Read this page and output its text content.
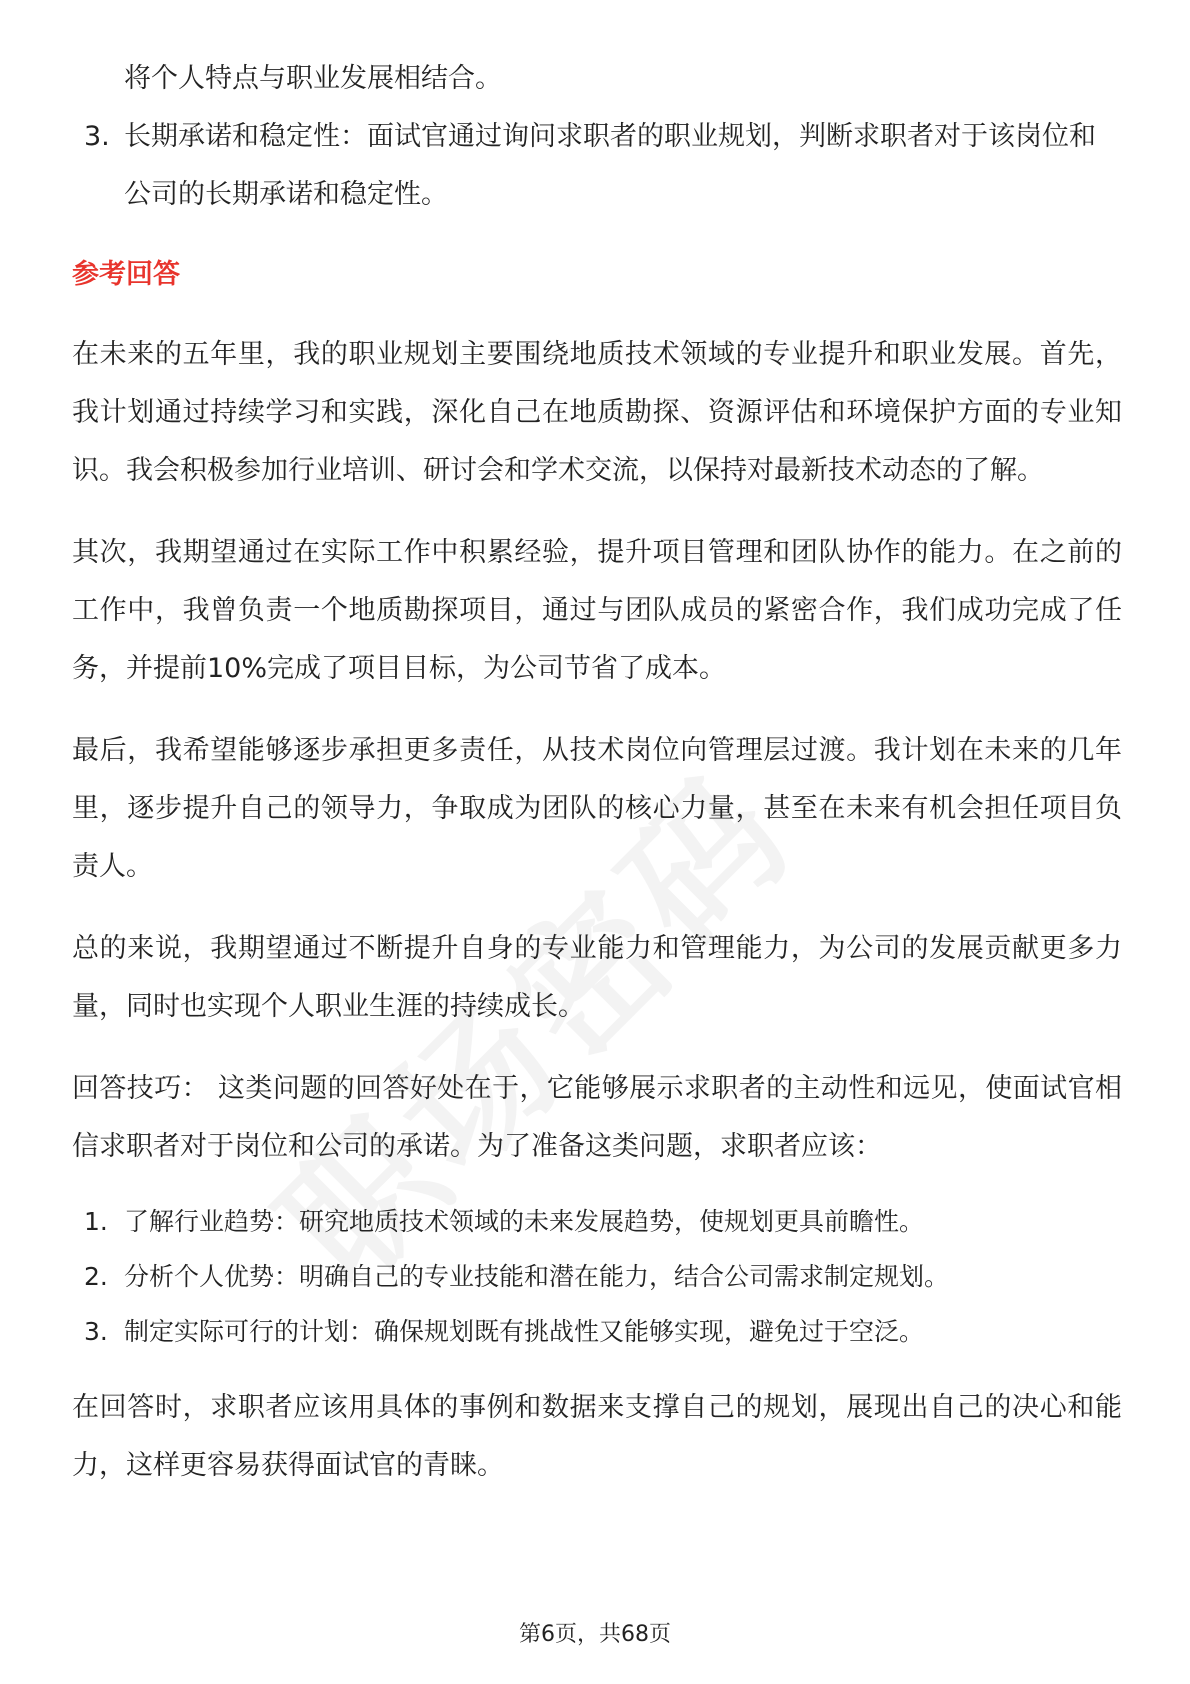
将个人特点与职业发展相结合。

3. 长期承诺和稳定性：面试官通过询问求职者的职业规划，判断求职者对于该岗位和公司的长期承诺和稳定性。
参考回答

在未来的五年里，我的职业规划主要围绕地质技术领域的专业提升和职业发展。首先，我计划通过持续学习和实践，深化自己在地质勘探、资源评估和环境保护方面的专业知识。我会积极参加行业培训、研讨会和学术交流，以保持对最新技术动态的了解。

其次，我期望通过在实际工作中积累经验，提升项目管理和团队协作的能力。在之前的工作中，我曾负责一个地质勘探项目，通过与团队成员的紧密合作，我们成功完成了任务，并提前10%完成了项目目标，为公司节省了成本。

最后，我希望能够逐步承担更多责任，从技术岗位向管理层过渡。我计划在未来的几年里，逐步提升自己的领导力，争取成为团队的核心力量，甚至在未来有机会担任项目负责人。

总的来说，我期望通过不断提升自身的专业能力和管理能力，为公司的发展贡献更多力量，同时也实现个人职业生涯的持续成长。

回答技巧： 这类问题的回答好处在于，它能够展示求职者的主动性和远见，使面试官相信求职者对于岗位和公司的承诺。为了准备这类问题，求职者应该：

1. 了解行业趋势：研究地质技术领域的未来发展趋势，使规划更具前瞻性。
2. 分析个人优势：明确自己的专业技能和潜在能力，结合公司需求制定规划。
3. 制定实际可行的计划：确保规划既有挑战性又能够实现，避免过于空泛。

在回答时，求职者应该用具体的事例和数据来支撑自己的规划，展现出自己的决心和能力，这样更容易获得面试官的青睐。

第6页，共68页
